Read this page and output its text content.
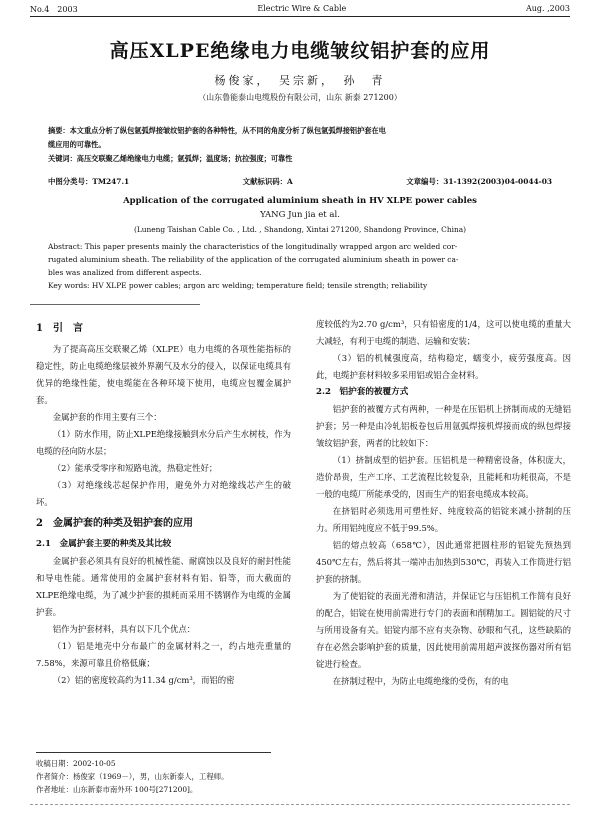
No.4　2003	Electric Wire & Cable	Aug. ,2003
高压XLPE绝缘电力电缆皱纹铝护套的应用
杨俊家，　吴宗新，　孙　青
（山东鲁能泰山电缆股份有限公司，山东 新泰 271200）

摘要：本文重点分析了纵包氩弧焊接皱纹铝护套的各种特性，从不同的角度分析了纵包氩弧焊接铝护套在电

缆应用的可靠性。

关键词：高压交联聚乙烯绝缘电力电缆；氩弧焊；温度场；抗拉强度；可靠性

中图分类号：TM247.1	文献标识码：A	文章编号：31-1392(2003)04-0044-03
Application of the corrugated aluminium sheath in HV XLPE power cables
YANG Jun jia et al.
(Luneng Taishan Cable Co. , Ltd. , Shandong, Xintai 271200, Shandong Province, China)

Abstract: This paper presents mainly the characteristics of the longitudinally wrapped argon arc welded cor-

rugated aluminium sheath. The reliability of the application of the corrugated aluminium sheath in power ca-

bles was analized from different aspects.

Key words: HV XLPE power cables; argon arc welding; temperature field; tensile strength; reliability

1　引　言

为了提高高压交联聚乙烯（XLPE）电力电缆的各项性能指标的稳定性，防止电缆绝缘层被外界潮气及水分的侵入，以保证电缆具有优异的绝缘性能，使电缆能在各种环境下使用，电缆应包覆金属护套。

金属护套的作用主要有三个：

（1）防水作用，防止XLPE绝缘接触到水分后产生水树枝，作为电缆的径向防水层；

（2）能承受零序和短路电流，热稳定性好；

（3）对绝缘线芯起保护作用，避免外力对绝缘线芯产生的破坏。

2　金属护套的种类及铝护套的应用
2.1　金属护套主要的种类及其比较

金属护套必须具有良好的机械性能、耐腐蚀以及良好的耐封性能和导电性能。通常使用的金属护套材料有铝、铅等，而大截面的XLPE绝缘电缆，为了减少护套的损耗而采用不锈钢作为电缆的金属护套。

铝作为护套材料，具有以下几个优点：

（1）铝是地壳中分布最广的金属材料之一，约占地壳重量的7.58%，来源可靠且价格低廉；

（2）铝的密度较高约为11.34 g/cm³，而铝的密

度较低约为2.70 g/cm³，只有铅密度的1/4，这可以使电缆的重量大大减轻，有利于电缆的制造、运输和安装；

（3）铝的机械强度高，结构稳定，蠕变小，疲劳强度高。因此，电缆护套材料较多采用铝或铝合金材料。

2.2　铝护套的被覆方式

铝护套的被覆方式有两种，一种是在压铝机上挤制而成的无缝铝护套；另一种是由冷轧铝板卷包后用氩弧焊接机焊接而成的纵包焊接皱纹铝护套，两者的比较如下：

（1）挤制成型的铝护套。压铝机是一种精密设备，体积庞大，造价昂贵，生产工序、工艺流程比较复杂，且能耗和功耗很高，不是一般的电缆厂所能承受的，因而生产的铝套电缆成本较高。

在挤铝时必须选用可塑性好、纯度较高的铝锭来减小挤制的压力。所用铝纯度应不低于99.5%。

铝的熔点较高（658℃），因此通常把圆柱形的铝锭先预热到450℃左右，然后将其一端冲击加热到530℃，再装入工作筒进行铝护套的挤制。

为了使铝锭的表面光滑和清洁，并保证它与压铝机工作简有良好的配合，铝锭在使用前需进行专门的表面和削精加工。圆铝锭的尺寸与所用设备有关。铝锭内部不应有夹杂物、砂眼和气孔，这些缺陷的存在必然会影响护套的质量，因此使用前需用超声波探伤器对所有铝锭进行检查。

在挤制过程中，为防止电缆绝缘的受伤，有的电

收稿日期：2002-10-05
作者简介：杨俊家（1969－），男，山东新泰人，工程师。
作者地址：山东新泰市南外环 100号[271200]。
